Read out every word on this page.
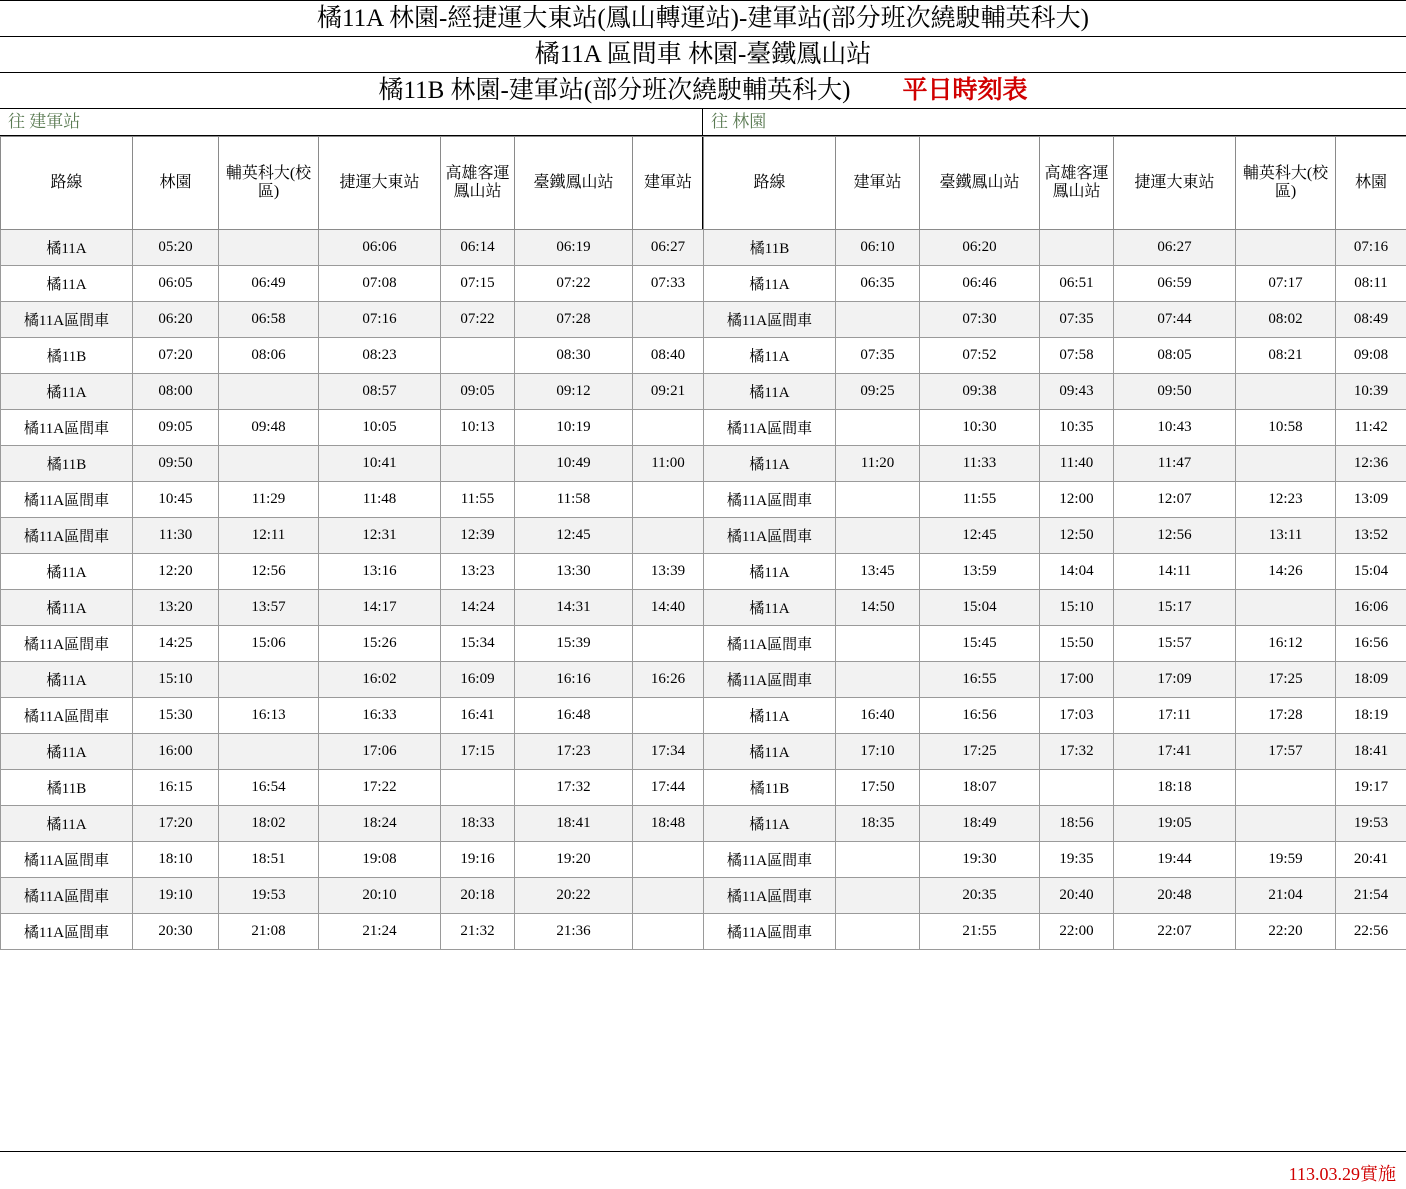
橘11A 林園-經捷運大東站(鳳山轉運站)-建軍站(部分班次繞駛輔英科大)
橘11A 區間車 林園-臺鐵鳳山站
橘11B 林園-建軍站(部分班次繞駛輔英科大) 平日時刻表
往 建軍站	往 林園
路線	林園	輔英科大(校區)	捷運大東站	高雄客運鳳山站	臺鐵鳳山站	建軍站
橘11A	05:20		06:06	06:14	06:19	06:27
橘11A	06:05	06:49	07:08	07:15	07:22	07:33
橘11A區間車	06:20	06:58	07:16	07:22	07:28	
橘11B	07:20	08:06	08:23		08:30	08:40
橘11A	08:00		08:57	09:05	09:12	09:21
橘11A區間車	09:05	09:48	10:05	10:13	10:19	
橘11B	09:50		10:41		10:49	11:00
橘11A區間車	10:45	11:29	11:48	11:55	11:58	
橘11A區間車	11:30	12:11	12:31	12:39	12:45	
橘11A	12:20	12:56	13:16	13:23	13:30	13:39
橘11A	13:20	13:57	14:17	14:24	14:31	14:40
橘11A區間車	14:25	15:06	15:26	15:34	15:39	
橘11A	15:10		16:02	16:09	16:16	16:26
橘11A區間車	15:30	16:13	16:33	16:41	16:48	
橘11A	16:00		17:06	17:15	17:23	17:34
橘11B	16:15	16:54	17:22		17:32	17:44
橘11A	17:20	18:02	18:24	18:33	18:41	18:48
橘11A區間車	18:10	18:51	19:08	19:16	19:20	
橘11A區間車	19:10	19:53	20:10	20:18	20:22	
橘11A區間車	20:30	21:08	21:24	21:32	21:36	
路線	建軍站	臺鐵鳳山站	高雄客運鳳山站	捷運大東站	輔英科大(校區)	林園
橘11B	06:10	06:20		06:27		07:16
橘11A	06:35	06:46	06:51	06:59	07:17	08:11
橘11A區間車		07:30	07:35	07:44	08:02	08:49
橘11A	07:35	07:52	07:58	08:05	08:21	09:08
橘11A	09:25	09:38	09:43	09:50		10:39
橘11A區間車		10:30	10:35	10:43	10:58	11:42
橘11A	11:20	11:33	11:40	11:47		12:36
橘11A區間車		11:55	12:00	12:07	12:23	13:09
橘11A區間車		12:45	12:50	12:56	13:11	13:52
橘11A	13:45	13:59	14:04	14:11	14:26	15:04
橘11A	14:50	15:04	15:10	15:17		16:06
橘11A區間車		15:45	15:50	15:57	16:12	16:56
橘11A區間車		16:55	17:00	17:09	17:25	18:09
橘11A	16:40	16:56	17:03	17:11	17:28	18:19
橘11A	17:10	17:25	17:32	17:41	17:57	18:41
橘11B	17:50	18:07		18:18		19:17
橘11A	18:35	18:49	18:56	19:05		19:53
橘11A區間車		19:30	19:35	19:44	19:59	20:41
橘11A區間車		20:35	20:40	20:48	21:04	21:54
橘11A區間車		21:55	22:00	22:07	22:20	22:56
113.03.29實施
